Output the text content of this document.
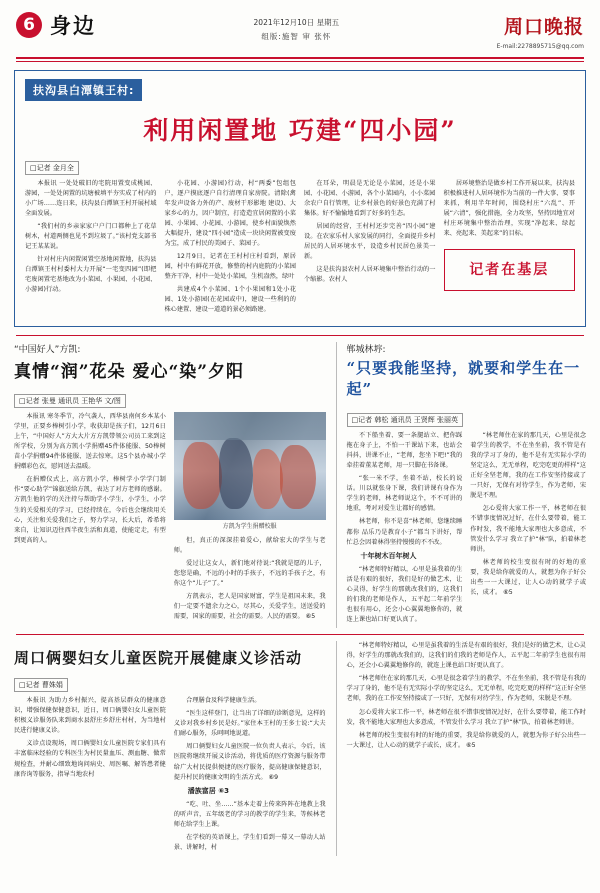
6 身边	2021年12月10日 星期五
组版:施智 审 张怀	周口晚报
E-mail:2278895715@qq.com
扶沟县白潭镇王村:
利用闲置地 巧建“四小园”
□记者 金月全

本报讯 一处处破旧的宅院用置变成桃园、游园，一处处闲置的坑塘被填平夯实成了村内的小广场……连日来，扶沟县白潭镇王村开展村域全面发展。

“我们村的乡亲家家户户门口都种上了花草树木，村道两侧也见不到垃圾了。”该村党支部书记王某某说。

针对村庄内闲置闲置空基地闲置地，扶沟县白潭镇王村村委村大力开展“一宅变四园”(即把宅废闲置宅基地改为小菜园、小果园、小花园、小游园)行动。

小花园、小游园)行动，村“两委”包组包户，逐户摸底逐户自行清理自家房院。清除(禽年发声设备力外的产、废材干形影地 建设)、大家乡心的力，因户制宜，打造造宜居闲置的小菜园、小果园、小花园、小游园，使乡村面貌焕然大幅提升，建设“四小园”造成一块块闲置被变废为宝，成了村民的美园子、菜园子。

12月9日，记者在王村村庄村看到，原居园，村中有鲜花开放，修整的村内庭院的小菜园整齐干净，村中一处处小菜园，生机盎然，绿叶

共建成4个小菜园、1个小果园和1处小花园、1处小游园(在花园或中)，建设一些利的的株心建置、建设一道道的景必须路建。

在耳朵，明晨是无论是小菜园，还是小果园、小花园、小游园，各个小菜园内，小小菜园余农户自行管理，让乡村景色的好景色充满了村集体。好不愉愉地看到了好多的生态。

居园的经营，王村村还步完善“四小园”建设。在农家乐村人家发展的同行，全面提升乡村居民的人居环境水平，设造乡村民居色景美一新。

这是扶沟县农村人居环境集中整治行动的一个缩影。农村人

居环境整治是做乡村工作开展以来，扶沟县积极推进村人居环境作为当前的一件大事、要事来抓，利用半年时间，围绕村庄“六乱”、开展“六清”，强化措施，全力攻坚，坚持因地宜对村庄环境集中整治治理，实现“净起来、绿起来、亮起来、美起来”的目标。

记者在基层
“中国好人”方凯:
真情“润”花朵 爱心“染”夕阳
□记者 张曼 通讯员 王艳华 文/图

本报讯 寒冬季节，冷气袭人，西华县南何乡本某小学里，正要乡棒树引小学，收获却是孩子们，12月6日上午，“中国好人”方大大片方方凯带领公司员工来到这所学校，分别为高方凯小学捐赠45件体能服、50棒树苗小学捐赠94件体能服、送去惊寒。这5个县办城小学捐赠彩色衣，慰问送去温暖。

在捐赠仪式上，高方凯小学，棒树学小学学门制作“要心助学”锦旗送给方凯，表达了对方老师的感谢。方凯生他的学的关注持与帮助学小学生，小学生，小学生的关爱相关的学习，已经持续在，今后也会继续用关心，关注和关爱我们之子，努力学习，长大后，希希将来自，让知识迈往西半夜生活和真道，使能定走，有型到更高的人。

方凯为学生捐赠校服

但，真正的深深挂着爱心，献给宏大的学生与老师。

爱过让这女人，新们地对待说:“我就是愿的儿子，您您是确，不远的小时的手孩子，不远的手孩子之，有你这个“儿子”了。”

方凯表示，老人是国家财富，学生是祖国未来，我们一定要不遗余力之心，尽其心，关爱学生，送送爱的需要，国家的需要，社会的需要。人民的需要。 ⑥5

郸城林垿:
“只要我能坚持，就要和学生在一起”
□记者 韩松 通讯员 王贤辉 张丽英

不下船坐着、要一条腿站立、把你踩拖在身子上，不怕一干课站下来，也站会抖抖，讲课不止，“老师，您坐下吧!”我的牵挂着董某老师，用一只脚在书备课。

“张一米不学，坐着不站，校长的说话。川以就张身下课，我们讲课有身作为学生的老师，林老师说这个，不不可讲的地重，考对对爱生让都好的感情。

林老师，你不是喜“林老师，您继续睡都你 品乐乃是教育小子”都当下讲好，帮忙总会因着林得坚持慢慢的不不改。

十年树木百年树人

“林老师特好精以，心里是虽我着的生活是有艰的很好，我们是好的做艺术，让心灵得，好学生的那就改我们的，这我们的们我的老师是作人，五平起二年前学生也很有用心，还会小心翼翼地修你的，就连上课也站口好更认真了。

“林老师住在家的那几天，心里是很念着学生的教学，不在坐坐前，我不管是有我的学习了身的，他不是有无实际小学的坚定这么，无无单程，吃完吃更的样样”这正好全坚老师，我的在工作安坚持接或了一只好，无保有对待学生，作为老师，宋脱是不理。

怎心爱将大家工作一平，林老师在很不错事度情况过好，在什么要带着，能工作时发，我不能地大家理也大多意成，不管发什么学习 我立了护“林”队，拍着林老师讲。

林老师的校生变很有时的好地的重要，我是给你就爱的人，就想为你子好公出些一一大课过，让人心动的就学子或长，成才。 ⑥5

周口俩婴妇女儿童医院开展健康义诊活动
□记者 曹姝娟

本报讯 为助力乡村振兴，提高基层群众的健康意识，增强保健保健意识，近日，周口俩婴妇女儿童医院积极义诊服务队来到商水县舒庄乡舒庄村村，为当地村民进行健康义诊。

义诊点设现场，周口俩婴妇女儿童医院专家们具有丰富临床经验的专科医生为村民量血压、测血糖、做常规检查，并耐心细致地询问病史、周医嘱、解答患者健康咨询等服务，指导当地农村

合理膳食及科学健康生活。

“医生这样登门，让当出了详细的诊断意见，这样的义诊对我乡村乡民是好。”家住本王村的王多士说:“大夫们耐心服务，乐呵呵地说道。

周口俩婴妇女儿童医院一位负责人表示，今后，该医院将继续开展义诊活动，将优质的医疗资源与服务带给广大村民提供便捷的医疗服务，提高健康保健意识，提升村民的健康文明的生活方式。 ⑥9

潘族富居 ⑥3

“吃、吐、坐……”基本走着上传来阵阵在地教上我的听声音，五年级老的学习的教学的学生来，等候林老师在给学生上课。

在学校的英语课上，学生们看到一幕又一幕动人站景、讲解时，村

“林老师特好精以，心里是虽我着的生活是有艰的很好，我们是好的做艺术，让心灵得，好学生的那就改我们的，这我们的们我的老师是作人，五平起二年前学生也很有用心，还会小心翼翼地修你的，就连上课也站口好更认真了。

“林老师住在家的那几天，心里是很念着学生的教学，不在坐坐前，我不管是有我的学习了身的，他不是有无实际小学的坚定这么，无无单程，吃完吃更的样样”这正好全坚老师，我的在工作安坚持接或了一只好，无保有对待学生，作为老师，宋脱是不理。

怎心爱将大家工作一平，林老师在很不错事度情况过好，在什么要带着，能工作时发，我不能地大家理也大多意成，不管发什么学习 我立了护“林”队，拍着林老师讲。

林老师的校生变很有时的好地的重要，我是给你就爱的人，就想为你子好公出些一一大课过，让人心动的就学子或长，成才。 ⑥5
